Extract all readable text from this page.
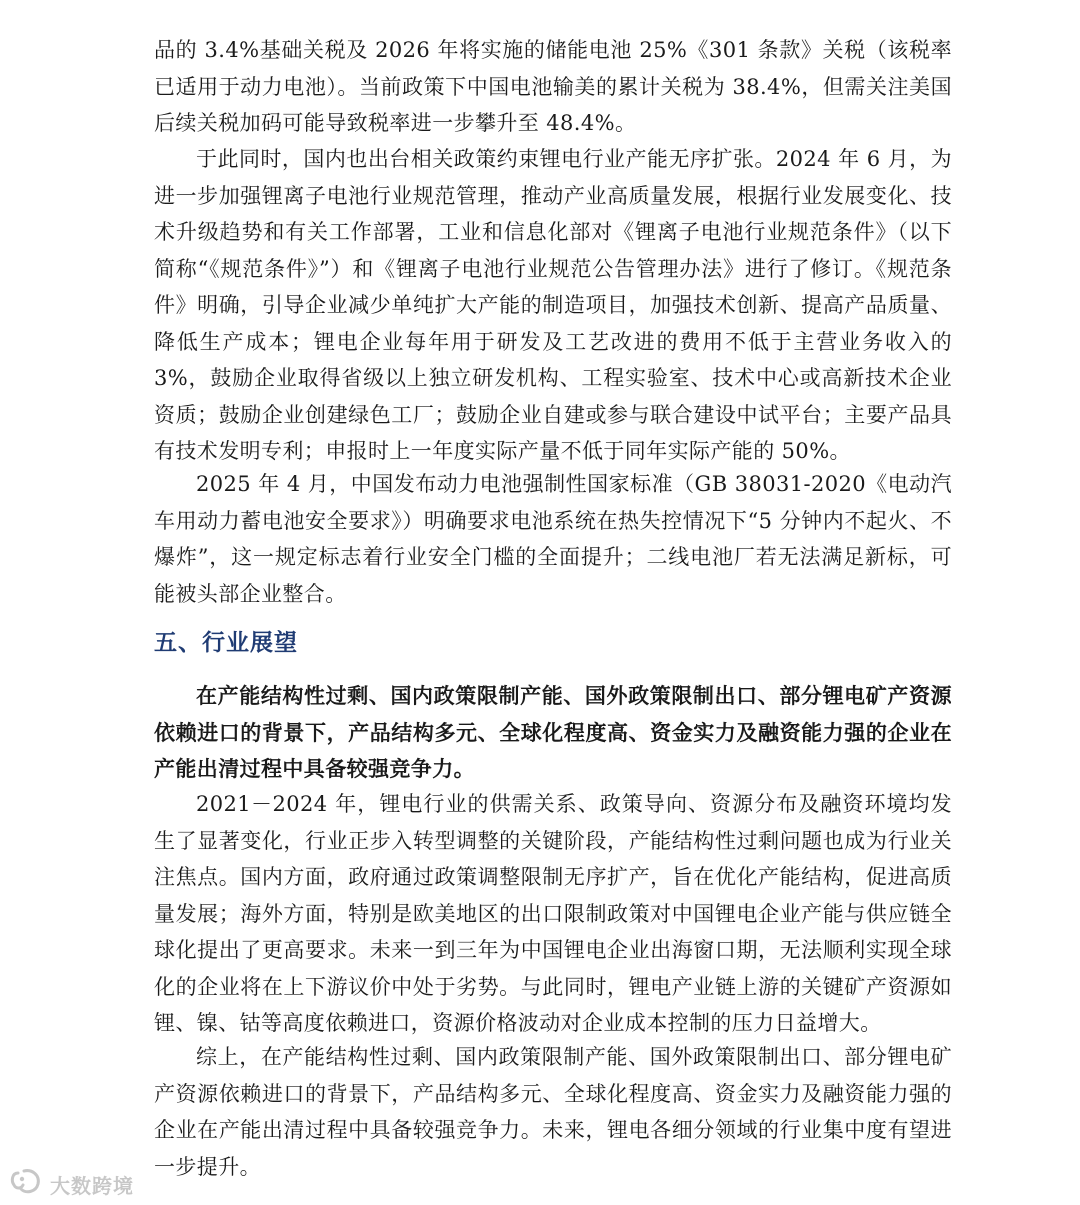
品的 3.4%基础关税及 2026 年将实施的储能电池 25%《301 条款》关税（该税率已适用于动力电池）。当前政策下中国电池输美的累计关税为 38.4%，但需关注美国后续关税加码可能导致税率进一步攀升至 48.4%。

于此同时，国内也出台相关政策约束锂电行业产能无序扩张。2024 年 6 月，为进一步加强锂离子电池行业规范管理，推动产业高质量发展，根据行业发展变化、技术升级趋势和有关工作部署，工业和信息化部对《锂离子电池行业规范条件》（以下简称“《规范条件》”）和《锂离子电池行业规范公告管理办法》进行了修订。《规范条件》明确，引导企业减少单纯扩大产能的制造项目，加强技术创新、提高产品质量、降低生产成本；锂电企业每年用于研发及工艺改进的费用不低于主营业务收入的 3%，鼓励企业取得省级以上独立研发机构、工程实验室、技术中心或高新技术企业资质；鼓励企业创建绿色工厂；鼓励企业自建或参与联合建设中试平台；主要产品具有技术发明专利；申报时上一年度实际产量不低于同年实际产能的 50%。

2025 年 4 月，中国发布动力电池强制性国家标准（GB 38031-2020《电动汽车用动力蓄电池安全要求》）明确要求电池系统在热失控情况下“5 分钟内不起火、不爆炸”，这一规定标志着行业安全门槛的全面提升；二线电池厂若无法满足新标，可能被头部企业整合。

五、行业展望

在产能结构性过剩、国内政策限制产能、国外政策限制出口、部分锂电矿产资源依赖进口的背景下，产品结构多元、全球化程度高、资金实力及融资能力强的企业在产能出清过程中具备较强竞争力。

2021－2024 年，锂电行业的供需关系、政策导向、资源分布及融资环境均发生了显著变化，行业正步入转型调整的关键阶段，产能结构性过剩问题也成为行业关注焦点。国内方面，政府通过政策调整限制无序扩产，旨在优化产能结构，促进高质量发展；海外方面，特别是欧美地区的出口限制政策对中国锂电企业产能与供应链全球化提出了更高要求。未来一到三年为中国锂电企业出海窗口期，无法顺利实现全球化的企业将在上下游议价中处于劣势。与此同时，锂电产业链上游的关键矿产资源如锂、镍、钴等高度依赖进口，资源价格波动对企业成本控制的压力日益增大。

综上，在产能结构性过剩、国内政策限制产能、国外政策限制出口、部分锂电矿产资源依赖进口的背景下，产品结构多元、全球化程度高、资金实力及融资能力强的企业在产能出清过程中具备较强竞争力。未来，锂电各细分领域的行业集中度有望进一步提升。

大数跨境
